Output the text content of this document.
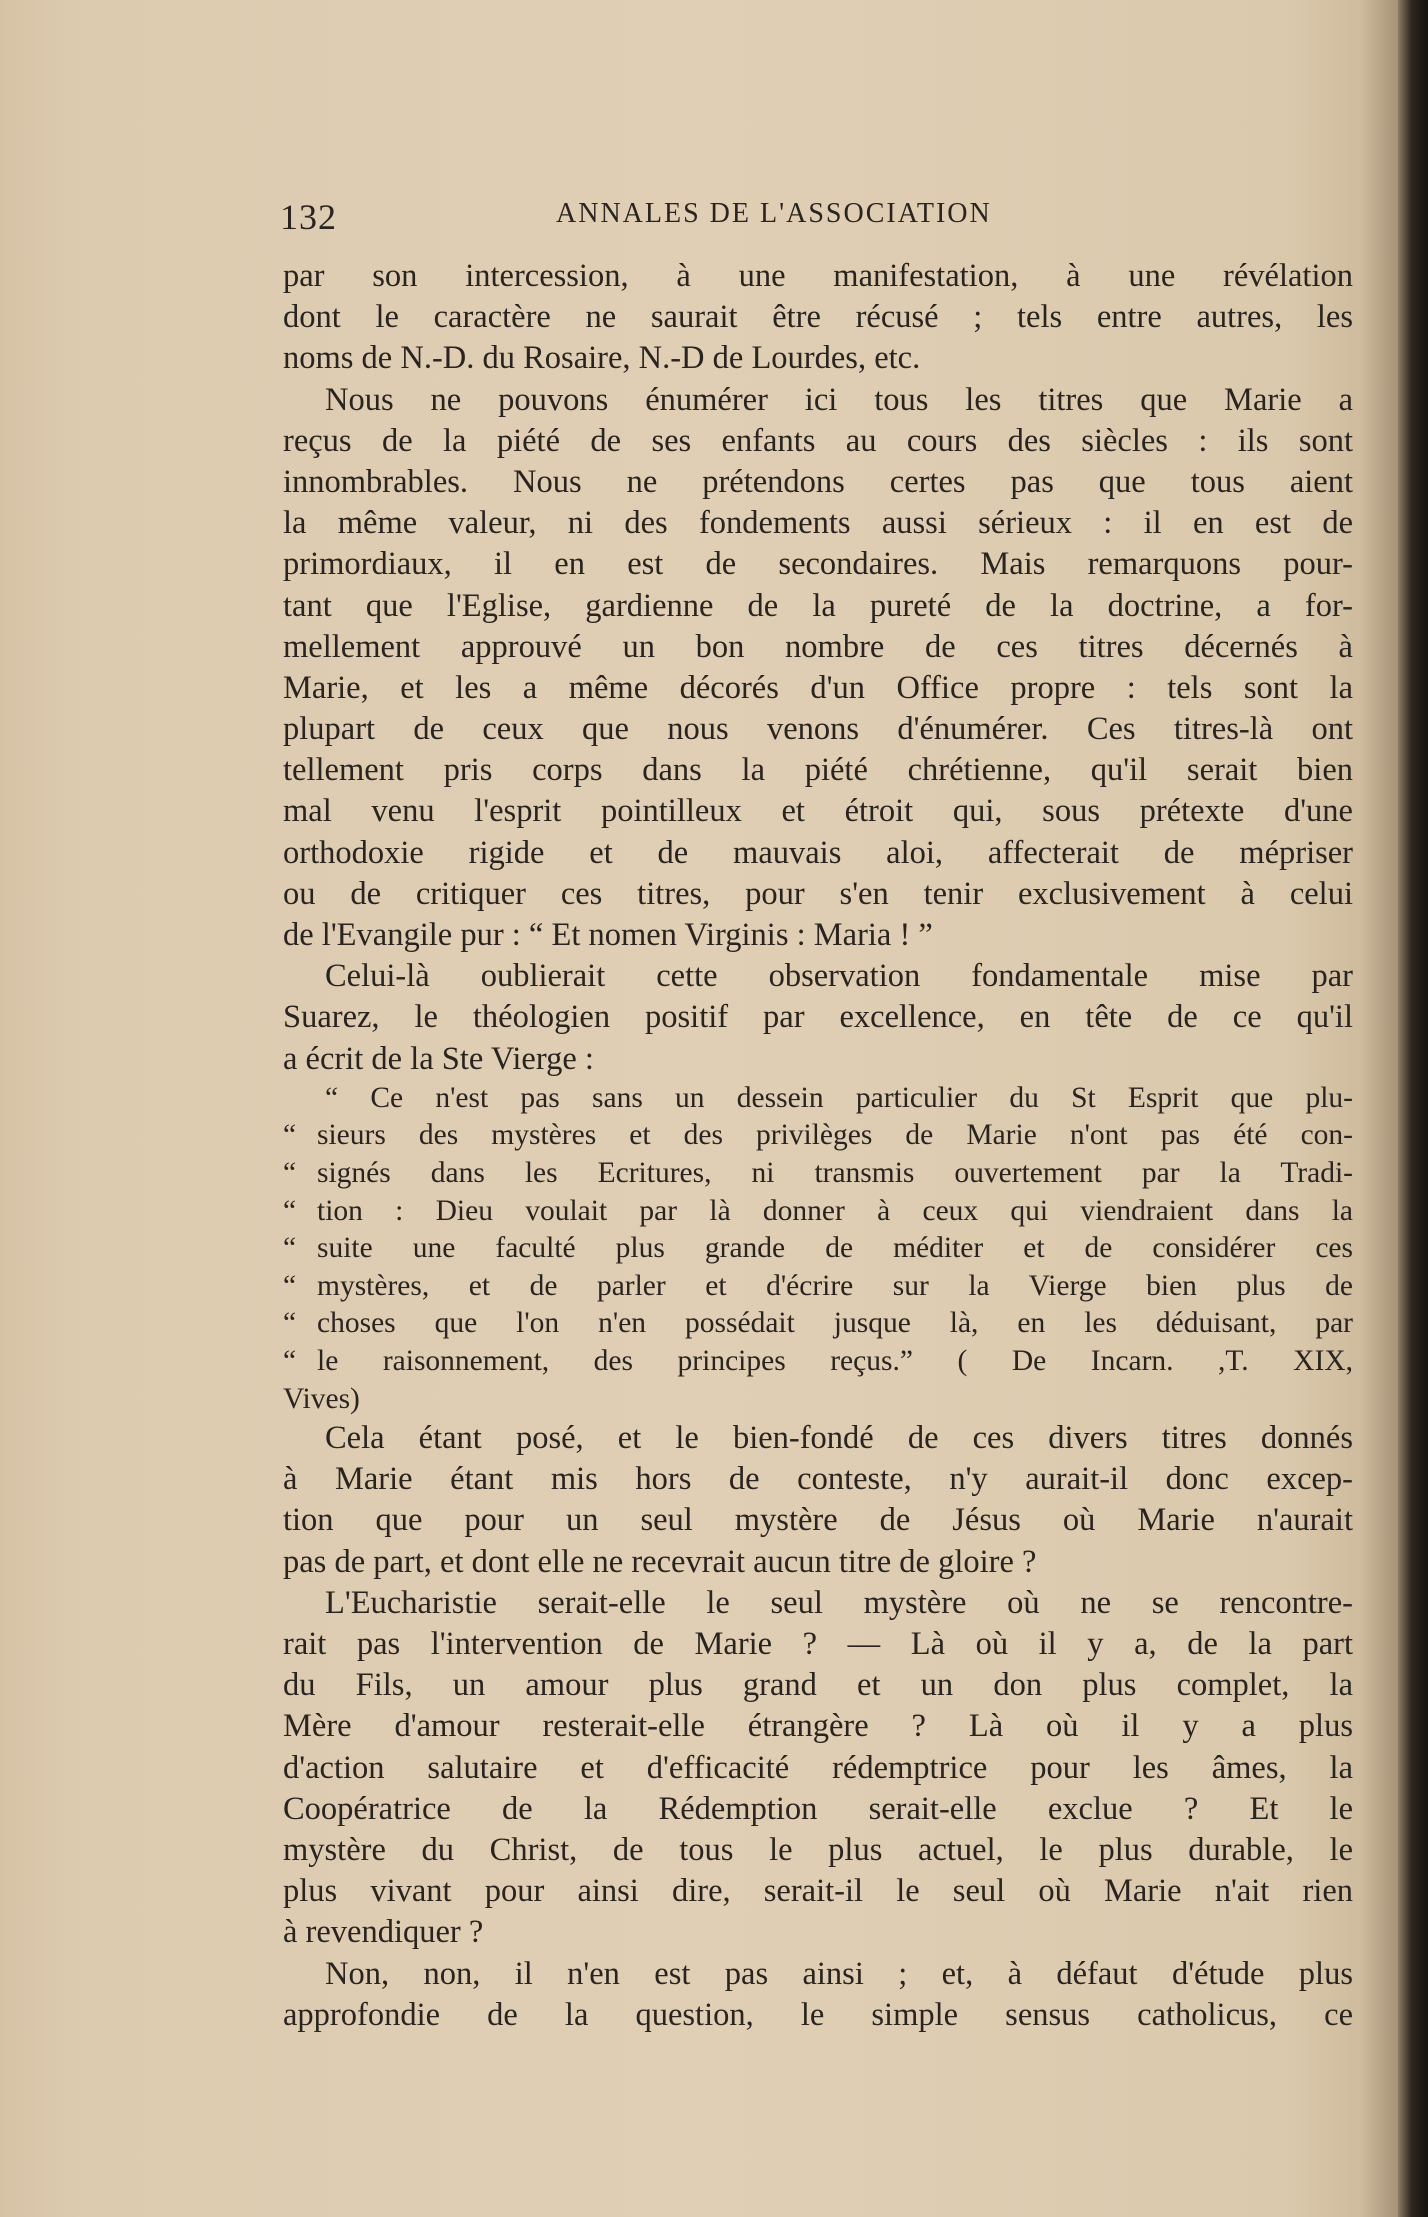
132	ANNALES DE L'ASSOCIATION
par son intercession, à une manifestation, à une révélation
dont le caractère ne saurait être récusé ; tels entre autres, les
noms de N.-D. du Rosaire, N.-D de Lourdes, etc.
Nous ne pouvons énumérer ici tous les titres que Marie a
reçus de la piété de ses enfants au cours des siècles : ils sont
innombrables. Nous ne prétendons certes pas que tous aient
la même valeur, ni des fondements aussi sérieux : il en est de
primordiaux, il en est de secondaires. Mais remarquons pour-
tant que l'Eglise, gardienne de la pureté de la doctrine, a for-
mellement approuvé un bon nombre de ces titres décernés à
Marie, et les a même décorés d'un Office propre : tels sont la
plupart de ceux que nous venons d'énumérer. Ces titres-là ont
tellement pris corps dans la piété chrétienne, qu'il serait bien
mal venu l'esprit pointilleux et étroit qui, sous prétexte d'une
orthodoxie rigide et de mauvais aloi, affecterait de mépriser
ou de critiquer ces titres, pour s'en tenir exclusivement à celui
de l'Evangile pur : “ Et nomen Virginis : Maria ! ”
Celui-là oublierait cette observation fondamentale mise par
Suarez, le théologien positif par excellence, en tête de ce qu'il
a écrit de la Ste Vierge :
“ Ce n'est pas sans un dessein particulier du St Esprit que plu-
“ sieurs des mystères et des privilèges de Marie n'ont pas été con-
“ signés dans les Ecritures, ni transmis ouvertement par la Tradi-
“ tion : Dieu voulait par là donner à ceux qui viendraient dans la
“ suite une faculté plus grande de méditer et de considérer ces
“ mystères, et de parler et d'écrire sur la Vierge bien plus de
“ choses que l'on n'en possédait jusque là, en les déduisant, par
“ le raisonnement, des principes reçus.” ( De Incarn. ,T. XIX,
Vives)
Cela étant posé, et le bien-fondé de ces divers titres donnés
à Marie étant mis hors de conteste, n'y aurait-il donc excep-
tion que pour un seul mystère de Jésus où Marie n'aurait
pas de part, et dont elle ne recevrait aucun titre de gloire ?
L'Eucharistie serait-elle le seul mystère où ne se rencontre-
rait pas l'intervention de Marie ? — Là où il y a, de la part
du Fils, un amour plus grand et un don plus complet, la
Mère d'amour resterait-elle étrangère ? Là où il y a plus
d'action salutaire et d'efficacité rédemptrice pour les âmes, la
Coopératrice de la Rédemption serait-elle exclue ? Et le
mystère du Christ, de tous le plus actuel, le plus durable, le
plus vivant pour ainsi dire, serait-il le seul où Marie n'ait rien
à revendiquer ?
Non, non, il n'en est pas ainsi ; et, à défaut d'étude plus
approfondie de la question, le simple sensus catholicus, ce
